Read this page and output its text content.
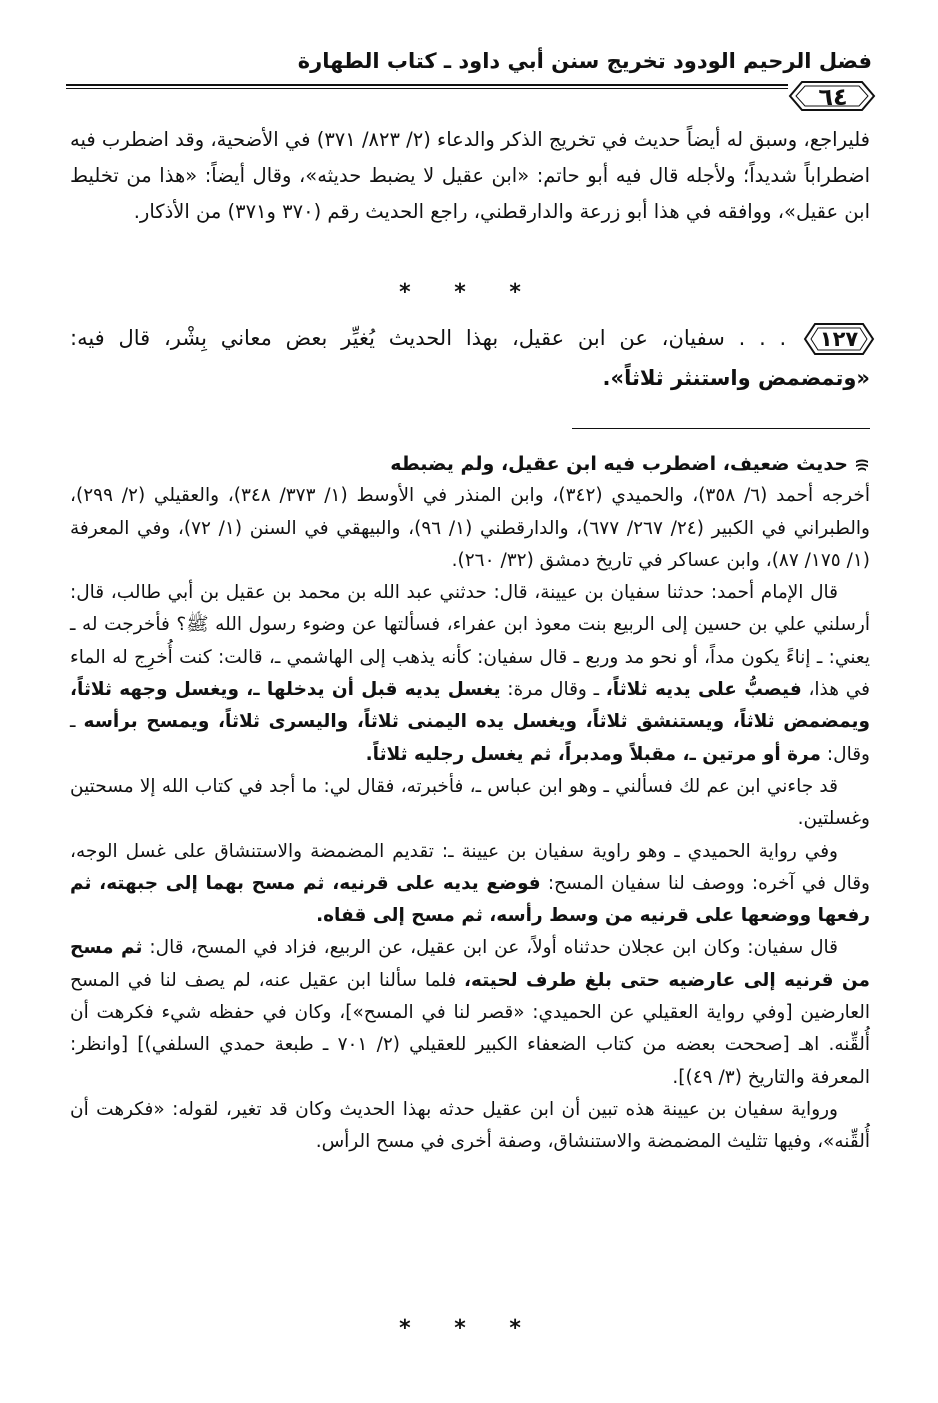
فضل الرحيم الودود تخريج سنن أبي داود ـ كتاب الطهارة
٦٤

فليراجع، وسبق له أيضاً حديث في تخريج الذكر والدعاء (٢/ ٨٢٣/ ٣٧١) في الأضحية، وقد اضطرب فيه اضطراباً شديداً؛ ولأجله قال فيه أبو حاتم: «ابن عقيل لا يضبط حديثه»، وقال أيضاً: «هذا من تخليط ابن عقيل»، ووافقه في هذا أبو زرعة والدارقطني، راجع الحديث رقم (٣٧٠ و٣٧١) من الأذكار.

* * *

١٢٧ . . . سفيان، عن ابن عقيل، بهذا الحديث يُغيِّر بعض معاني بِشْر، قال فيه: «وتمضمض واستنثر ثلاثاً».

حديث ضعيف، اضطرب فيه ابن عقيل، ولم يضبطه

أخرجه أحمد (٦/ ٣٥٨)، والحميدي (٣٤٢)، وابن المنذر في الأوسط (١/ ٣٧٣/ ٣٤٨)، والعقيلي (٢/ ٢٩٩)، والطبراني في الكبير (٢٤/ ٢٦٧/ ٦٧٧)، والدارقطني (١/ ٩٦)، والبيهقي في السنن (١/ ٧٢)، وفي المعرفة (١/ ١٧٥/ ٨٧)، وابن عساكر في تاريخ دمشق (٣٢/ ٢٦٠).

قال الإمام أحمد: حدثنا سفيان بن عيينة، قال: حدثني عبد الله بن محمد بن عقيل بن أبي طالب، قال: أرسلني علي بن حسين إلى الربيع بنت معوذ ابن عفراء، فسألتها عن وضوء رسول الله ﷺ؟ فأخرجت له ـ يعني: ـ إناءً يكون مداً، أو نحو مد وربع ـ قال سفيان: كأنه يذهب إلى الهاشمي ـ، قالت: كنت أُخرِج له الماء في هذا، فيصبُّ على يديه ثلاثاً، ـ وقال مرة: يغسل يديه قبل أن يدخلها ـ، ويغسل وجهه ثلاثاً، ويمضمض ثلاثاً، ويستنشق ثلاثاً، ويغسل يده اليمنى ثلاثاً، واليسرى ثلاثاً، ويمسح برأسه ـ وقال: مرة أو مرتين ـ، مقبلاً ومدبراً، ثم يغسل رجليه ثلاثاً.

قد جاءني ابن عم لك فسألني ـ وهو ابن عباس ـ، فأخبرته، فقال لي: ما أجد في كتاب الله إلا مسحتين وغسلتين.

وفي رواية الحميدي ـ وهو راوية سفيان بن عيينة ـ: تقديم المضمضة والاستنشاق على غسل الوجه، وقال في آخره: ووصف لنا سفيان المسح: فوضع يديه على قرنيه، ثم مسح بهما إلى جبهته، ثم رفعها ووضعها على قرنيه من وسط رأسه، ثم مسح إلى قفاه.

قال سفيان: وكان ابن عجلان حدثناه أولاً، عن ابن عقيل، عن الربيع، فزاد في المسح، قال: ثم مسح من قرنيه إلى عارضيه حتى بلغ طرف لحيته، فلما سألنا ابن عقيل عنه، لم يصف لنا في المسح العارضين [وفي رواية العقيلي عن الحميدي: «قصر لنا في المسح»]، وكان في حفظه شيء فكرهت أن أُلقِّنه. اهـ [صححت بعضه من كتاب الضعفاء الكبير للعقيلي (٢/ ٧٠١ ـ طبعة حمدي السلفي)] [وانظر: المعرفة والتاريخ (٣/ ٤٩)].

ورواية سفيان بن عيينة هذه تبين أن ابن عقيل حدثه بهذا الحديث وكان قد تغير، لقوله: «فكرهت أن أُلقِّنه»، وفيها تثليث المضمضة والاستنشاق، وصفة أخرى في مسح الرأس.

* * *
